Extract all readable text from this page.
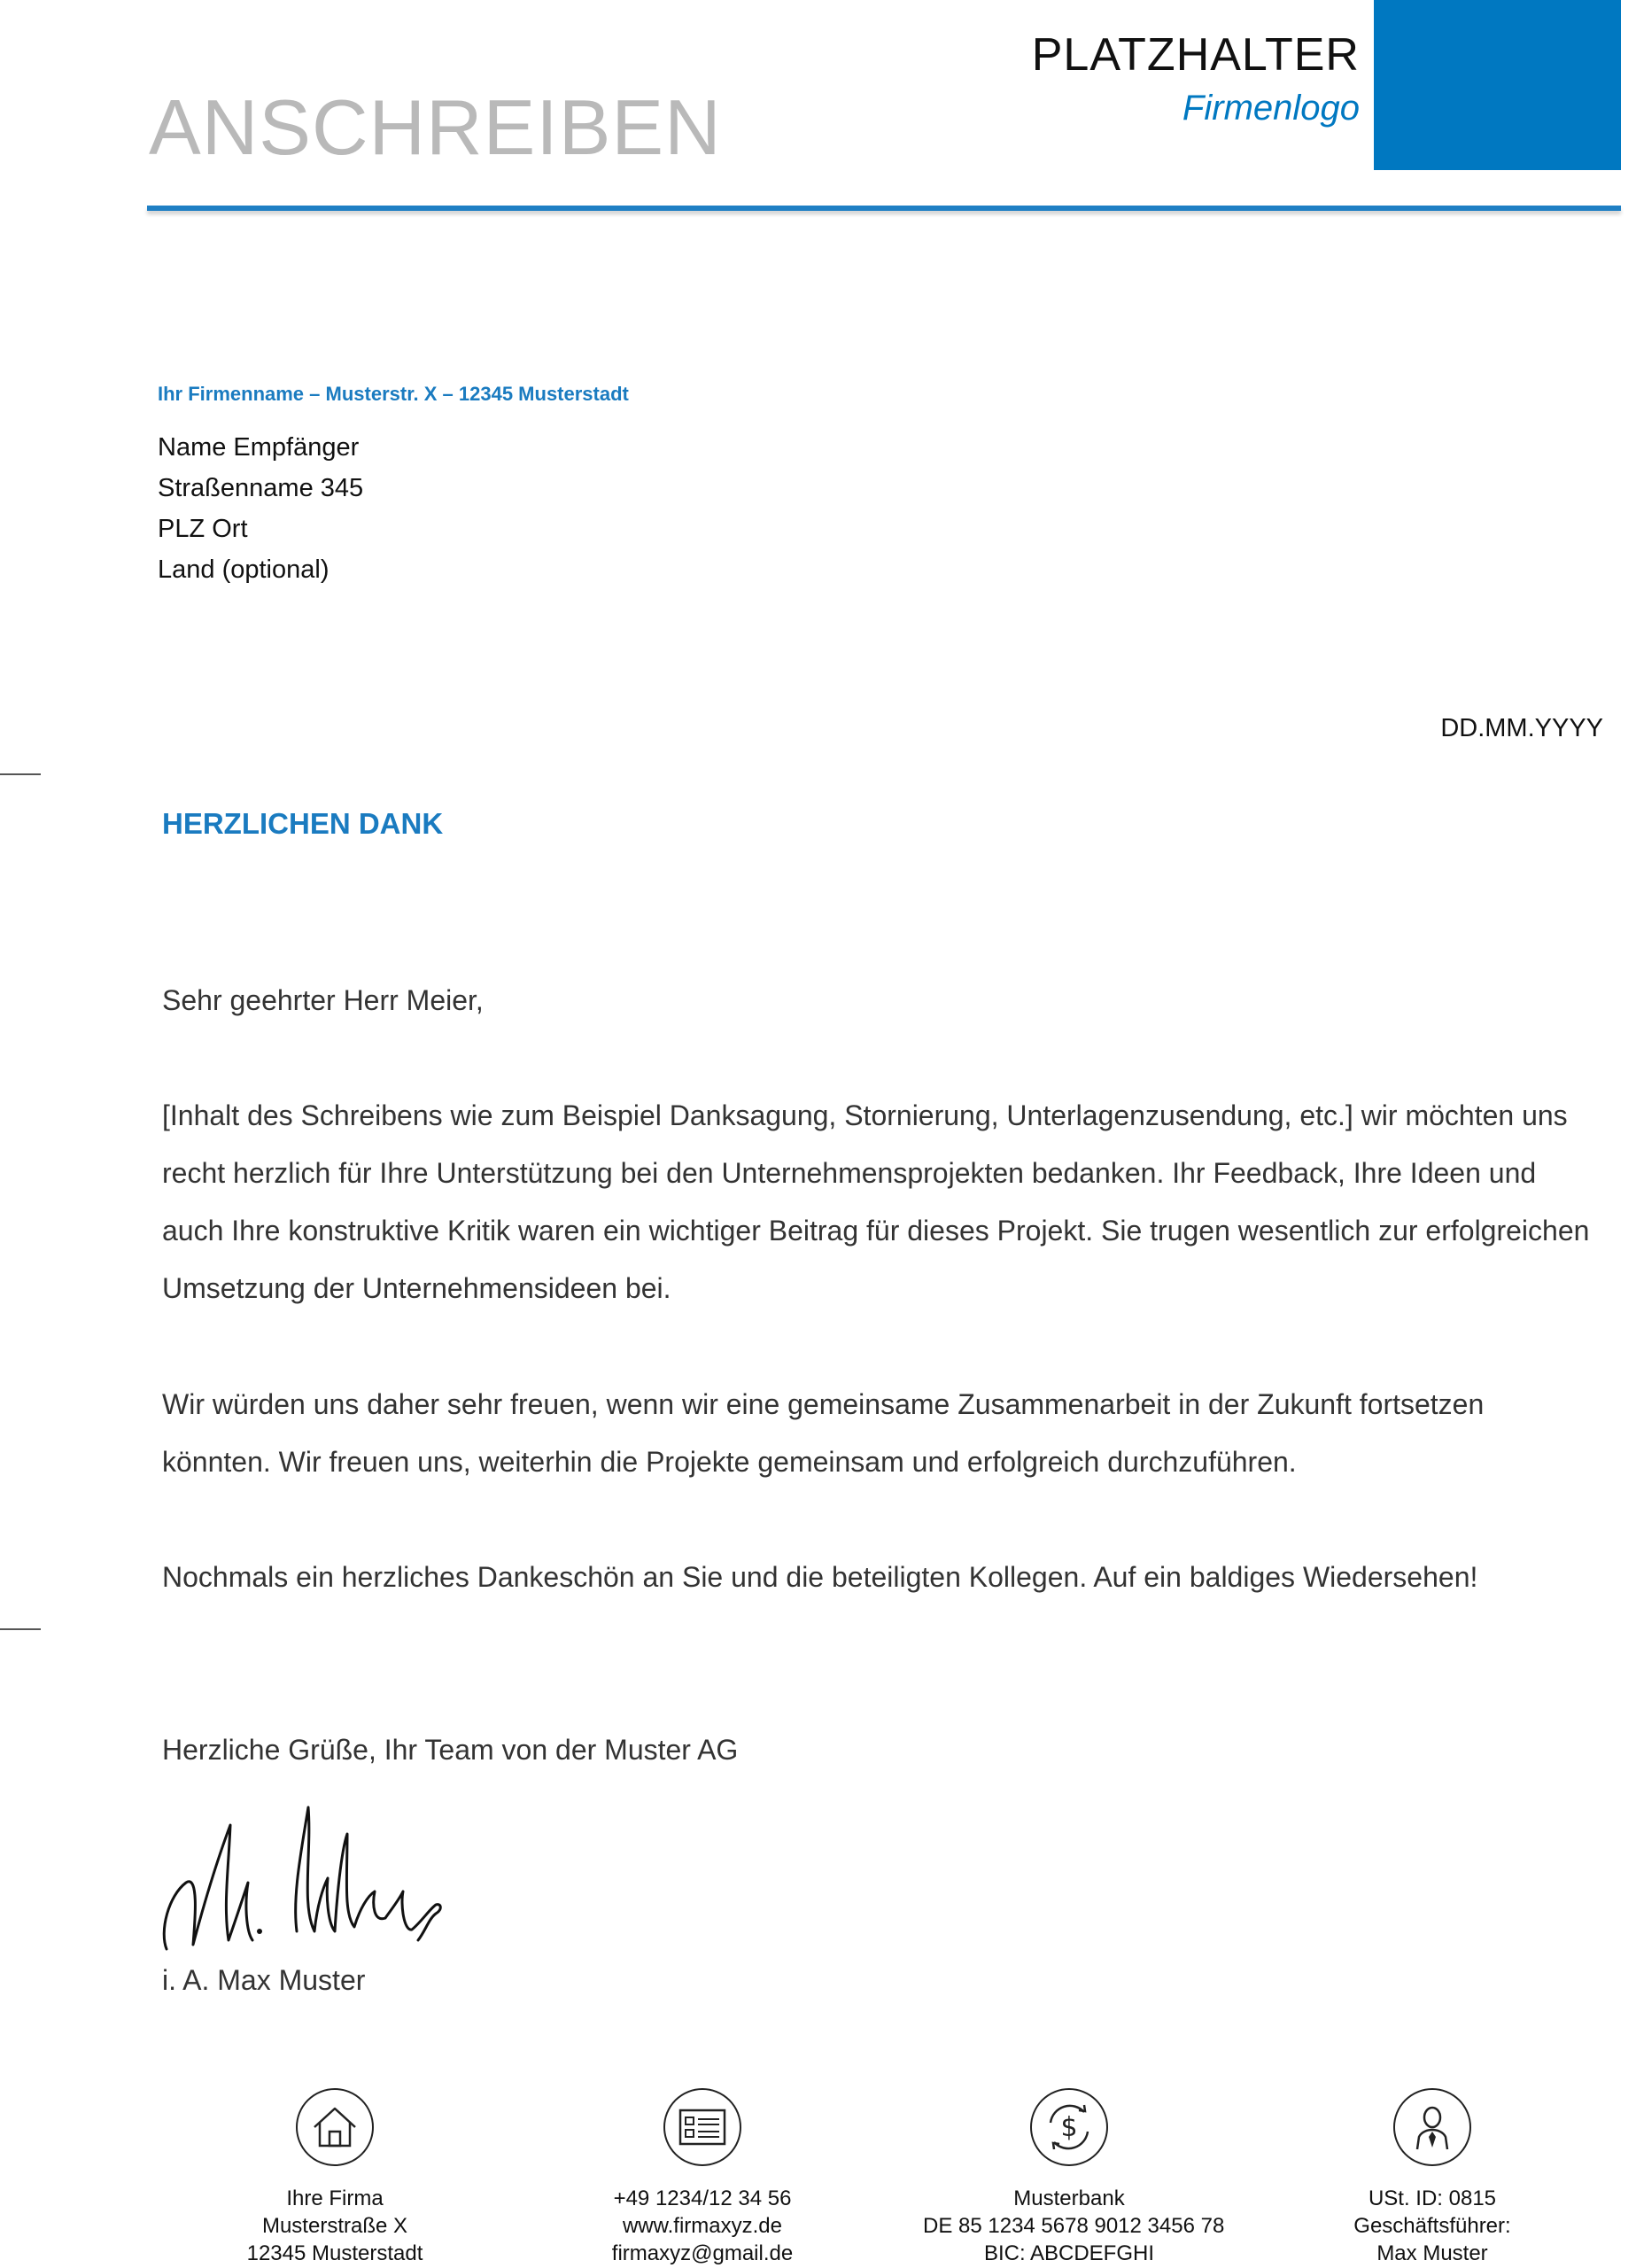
ANSCHREIBEN
PLATZHALTER
Firmenlogo
Ihr Firmenname – Musterstr. X – 12345 Musterstadt
Name Empfänger
Straßenname 345
PLZ Ort
Land (optional)
DD.MM.YYYY
HERZLICHEN DANK

Sehr geehrter Herr Meier,

[Inhalt des Schreibens wie zum Beispiel Danksagung, Stornierung, Unterlagenzusendung, etc.] wir möchten uns recht herzlich für Ihre Unterstützung bei den Unternehmensprojekten bedanken. Ihr Feedback, Ihre Ideen und auch Ihre konstruktive Kritik waren ein wichtiger Beitrag für dieses Projekt. Sie trugen wesentlich zur erfolgreichen Umsetzung der Unternehmensideen bei.

Wir würden uns daher sehr freuen, wenn wir eine gemeinsame Zusammenarbeit in der Zukunft fortsetzen könnten. Wir freuen uns, weiterhin die Projekte gemeinsam und erfolgreich durchzuführen.

Nochmals ein herzliches Dankeschön an Sie und die beteiligten Kollegen. Auf ein baldiges Wiedersehen!

Herzliche Grüße, Ihr Team von der Muster AG

i. A. Max Muster

Ihre Firma
Musterstraße X
12345 Musterstadt
+49 1234/12 34 56
www.firmaxyz.de
firmaxyz@gmail.de
$
Musterbank
DE 85 1234 5678 9012 3456 78
BIC: ABCDEFGHI
USt. ID: 0815
Geschäftsführer:
Max Muster
